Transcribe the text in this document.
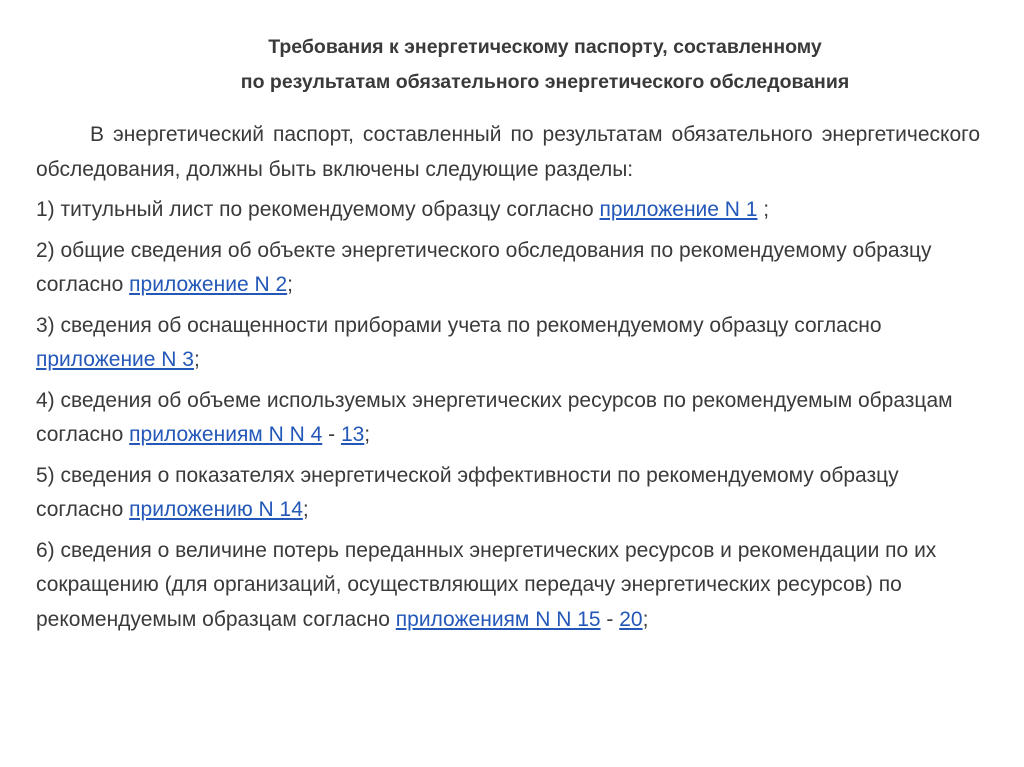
Требования к энергетическому паспорту, составленному
по результатам обязательного энергетического обследования

В энергетический паспорт, составленный по результатам обязательного энергетического обследования, должны быть включены следующие разделы:

1) титульный лист по рекомендуемому образцу согласно приложение N 1 ;

2) общие сведения об объекте энергетического обследования по рекомендуемому образцу согласно приложение N 2;

3) сведения об оснащенности приборами учета по рекомендуемому образцу согласно приложение N 3;

4) сведения об объеме используемых энергетических ресурсов по рекомендуемым образцам согласно приложениям N N 4 - 13;

5) сведения о показателях энергетической эффективности по рекомендуемому образцу согласно приложению N 14;

6) сведения о величине потерь переданных энергетических ресурсов и рекомендации по их сокращению (для организаций, осуществляющих передачу энергетических ресурсов) по рекомендуемым образцам согласно приложениям N N 15 - 20;
